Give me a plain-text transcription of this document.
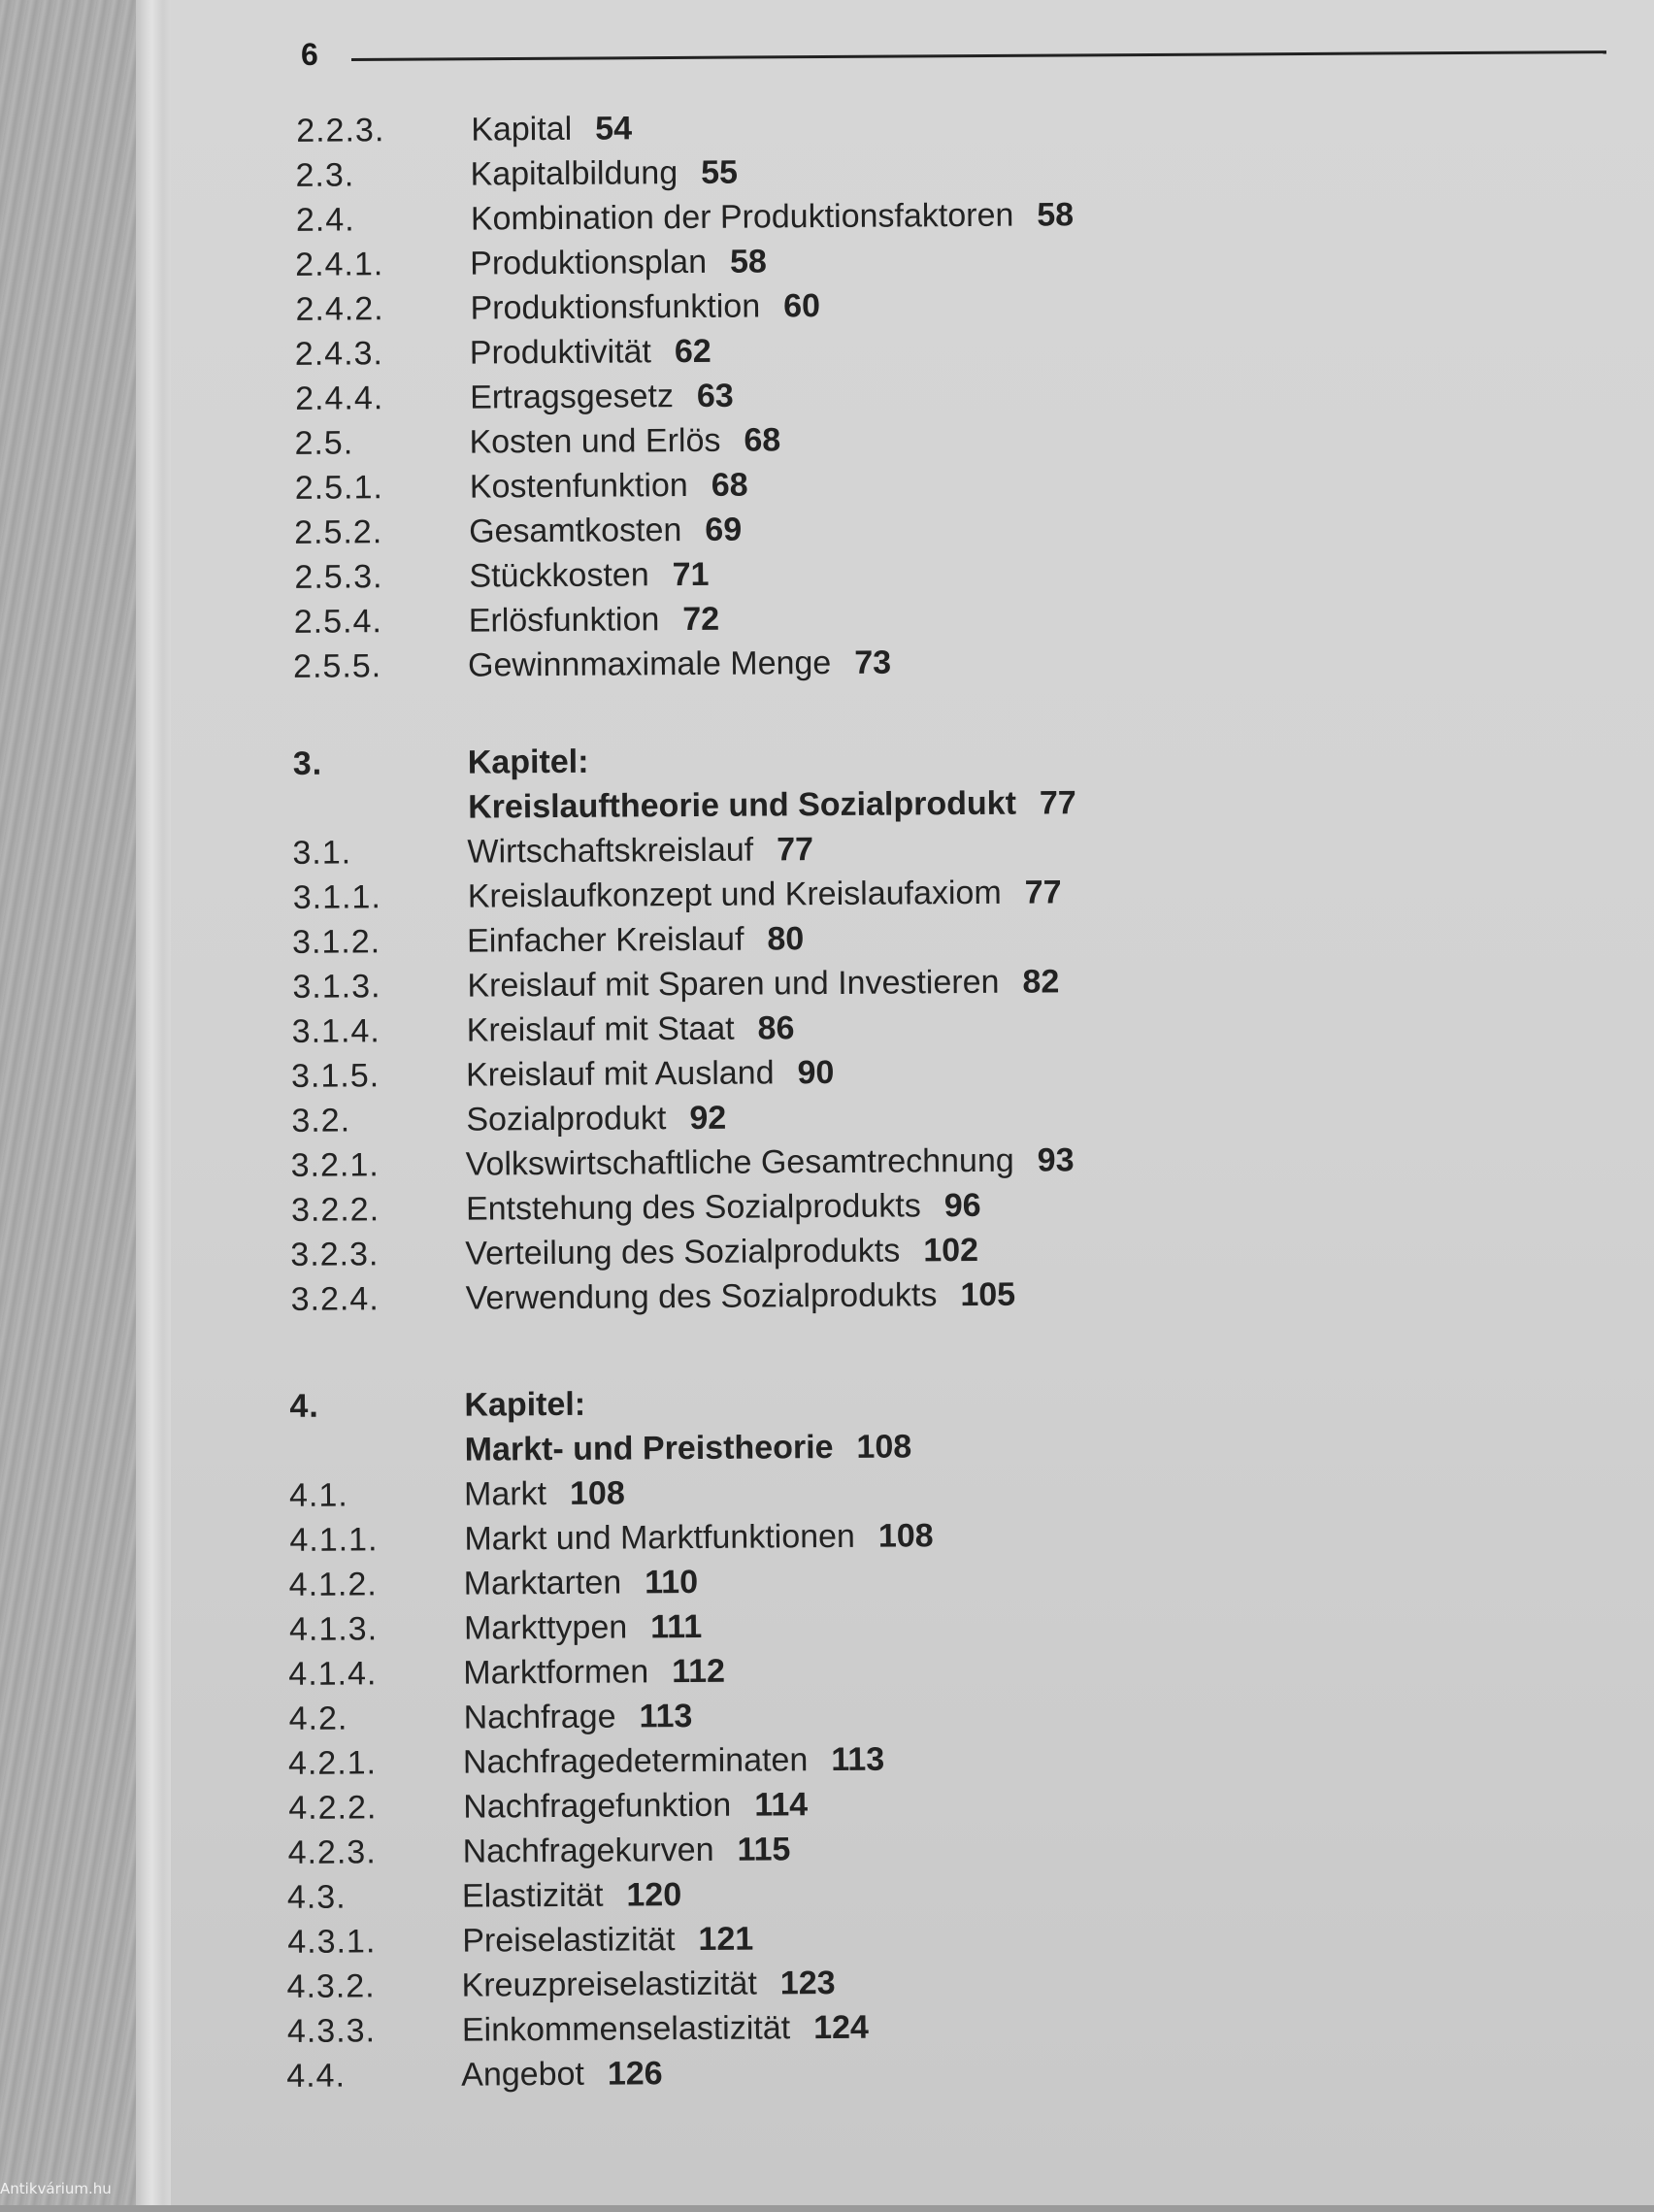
6
2.2.3.	Kapital 54
2.3.	Kapitalbildung 55
2.4.	Kombination der Produktionsfaktoren 58
2.4.1.	Produktionsplan 58
2.4.2.	Produktionsfunktion 60
2.4.3.	Produktivität 62
2.4.4.	Ertragsgesetz 63
2.5.	Kosten und Erlös 68
2.5.1.	Kostenfunktion 68
2.5.2.	Gesamtkosten 69
2.5.3.	Stückkosten 71
2.5.4.	Erlösfunktion 72
2.5.5.	Gewinnmaximale Menge 73
3.	Kapitel:
Kreislauftheorie und Sozialprodukt 77
3.1.	Wirtschaftskreislauf 77
3.1.1.	Kreislaufkonzept und Kreislaufaxiom 77
3.1.2.	Einfacher Kreislauf 80
3.1.3.	Kreislauf mit Sparen und Investieren 82
3.1.4.	Kreislauf mit Staat 86
3.1.5.	Kreislauf mit Ausland 90
3.2.	Sozialprodukt 92
3.2.1.	Volkswirtschaftliche Gesamtrechnung 93
3.2.2.	Entstehung des Sozialprodukts 96
3.2.3.	Verteilung des Sozialprodukts 102
3.2.4.	Verwendung des Sozialprodukts 105
4.	Kapitel:
Markt- und Preistheorie 108
4.1.	Markt 108
4.1.1.	Markt und Marktfunktionen 108
4.1.2.	Marktarten 110
4.1.3.	Markttypen 111
4.1.4.	Marktformen 112
4.2.	Nachfrage 113
4.2.1.	Nachfragedeterminaten 113
4.2.2.	Nachfragefunktion 114
4.2.3.	Nachfragekurven 115
4.3.	Elastizität 120
4.3.1.	Preiselastizität 121
4.3.2.	Kreuzpreiselastizität 123
4.3.3.	Einkommenselastizität 124
4.4.	Angebot 126
Antikvárium.hu
